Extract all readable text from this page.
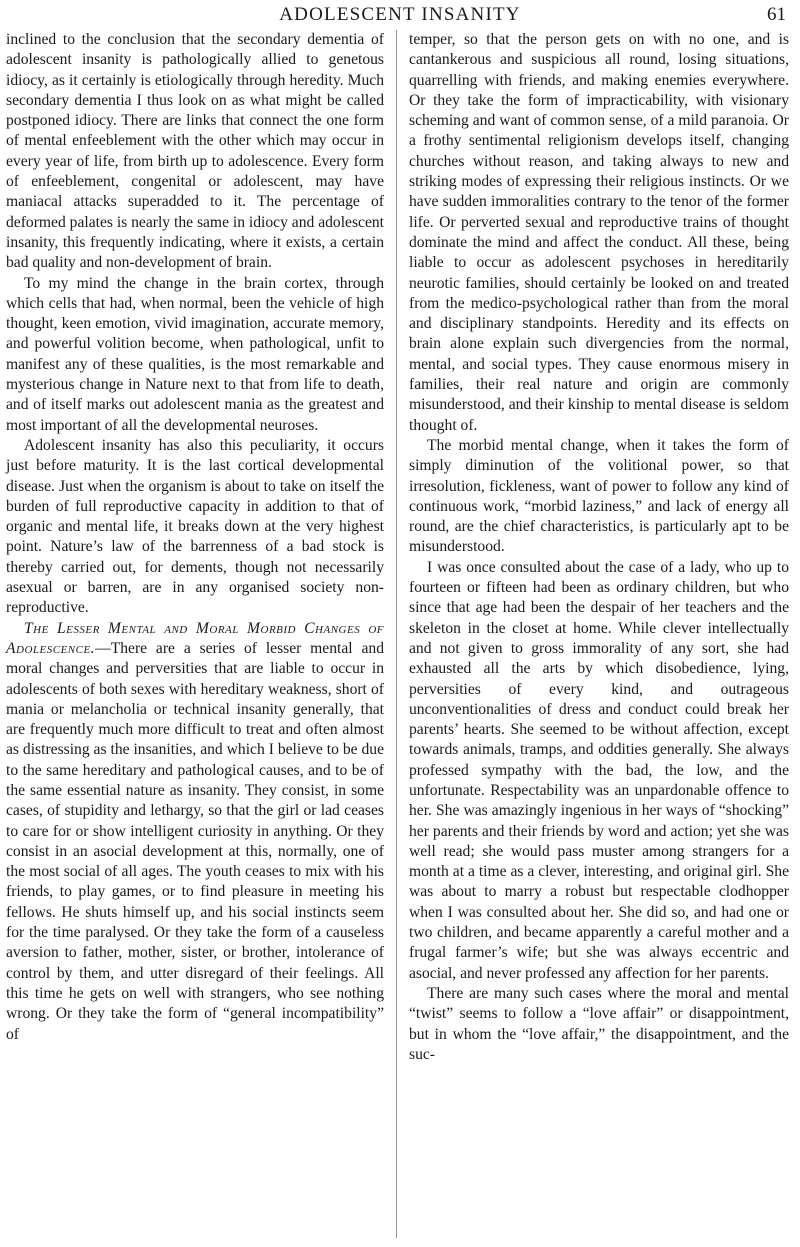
ADOLESCENT INSANITY	61

inclined to the conclusion that the secondary dementia of adolescent insanity is pathologically allied to genetous idiocy, as it certainly is etiologically through heredity. Much secondary dementia I thus look on as what might be called postponed idiocy. There are links that connect the one form of mental enfeeblement with the other which may occur in every year of life, from birth up to adolescence. Every form of enfeeblement, congenital or adolescent, may have maniacal attacks superadded to it. The percentage of deformed palates is nearly the same in idiocy and adolescent insanity, this frequently indicating, where it exists, a certain bad quality and non-development of brain.

To my mind the change in the brain cortex, through which cells that had, when normal, been the vehicle of high thought, keen emotion, vivid imagination, accurate memory, and powerful volition become, when pathological, unfit to manifest any of these qualities, is the most remarkable and mysterious change in Nature next to that from life to death, and of itself marks out adolescent mania as the greatest and most important of all the developmental neuroses.

Adolescent insanity has also this peculiarity, it occurs just before maturity. It is the last cortical developmental disease. Just when the organism is about to take on itself the burden of full reproductive capacity in addition to that of organic and mental life, it breaks down at the very highest point. Nature’s law of the barrenness of a bad stock is thereby carried out, for dements, though not necessarily asexual or barren, are in any organised society non-reproductive.

The Lesser Mental and Moral Morbid Changes of Adolescence.—There are a series of lesser mental and moral changes and perversities that are liable to occur in adolescents of both sexes with hereditary weakness, short of mania or melancholia or technical insanity generally, that are frequently much more difficult to treat and often almost as distressing as the insanities, and which I believe to be due to the same hereditary and pathological causes, and to be of the same essential nature as insanity. They consist, in some cases, of stupidity and lethargy, so that the girl or lad ceases to care for or show intelligent curiosity in anything. Or they consist in an asocial development at this, normally, one of the most social of all ages. The youth ceases to mix with his friends, to play games, or to find pleasure in meeting his fellows. He shuts himself up, and his social instincts seem for the time paralysed. Or they take the form of a causeless aversion to father, mother, sister, or brother, intolerance of control by them, and utter disregard of their feelings. All this time he gets on well with strangers, who see nothing wrong. Or they take the form of “general incompatibility” of

temper, so that the person gets on with no one, and is cantankerous and suspicious all round, losing situations, quarrelling with friends, and making enemies everywhere. Or they take the form of impracticability, with visionary scheming and want of common sense, of a mild paranoia. Or a frothy sentimental religionism develops itself, changing churches without reason, and taking always to new and striking modes of expressing their religious instincts. Or we have sudden immoralities contrary to the tenor of the former life. Or perverted sexual and reproductive trains of thought dominate the mind and affect the conduct. All these, being liable to occur as adolescent psychoses in hereditarily neurotic families, should certainly be looked on and treated from the medico-psychological rather than from the moral and disciplinary standpoints. Heredity and its effects on brain alone explain such divergencies from the normal, mental, and social types. They cause enormous misery in families, their real nature and origin are commonly misunderstood, and their kinship to mental disease is seldom thought of.

The morbid mental change, when it takes the form of simply diminution of the volitional power, so that irresolution, fickleness, want of power to follow any kind of continuous work, “morbid laziness,” and lack of energy all round, are the chief characteristics, is particularly apt to be misunderstood.

I was once consulted about the case of a lady, who up to fourteen or fifteen had been as ordinary children, but who since that age had been the despair of her teachers and the skeleton in the closet at home. While clever intellectually and not given to gross immorality of any sort, she had exhausted all the arts by which disobedience, lying, perversities of every kind, and outrageous unconventionalities of dress and conduct could break her parents’ hearts. She seemed to be without affection, except towards animals, tramps, and oddities generally. She always professed sympathy with the bad, the low, and the unfortunate. Respectability was an unpardonable offence to her. She was amazingly ingenious in her ways of “shocking” her parents and their friends by word and action; yet she was well read; she would pass muster among strangers for a month at a time as a clever, interesting, and original girl. She was about to marry a robust but respectable clodhopper when I was consulted about her. She did so, and had one or two children, and became apparently a careful mother and a frugal farmer’s wife; but she was always eccentric and asocial, and never professed any affection for her parents.

There are many such cases where the moral and mental “twist” seems to follow a “love affair” or disappointment, but in whom the “love affair,” the disappointment, and the suc-
